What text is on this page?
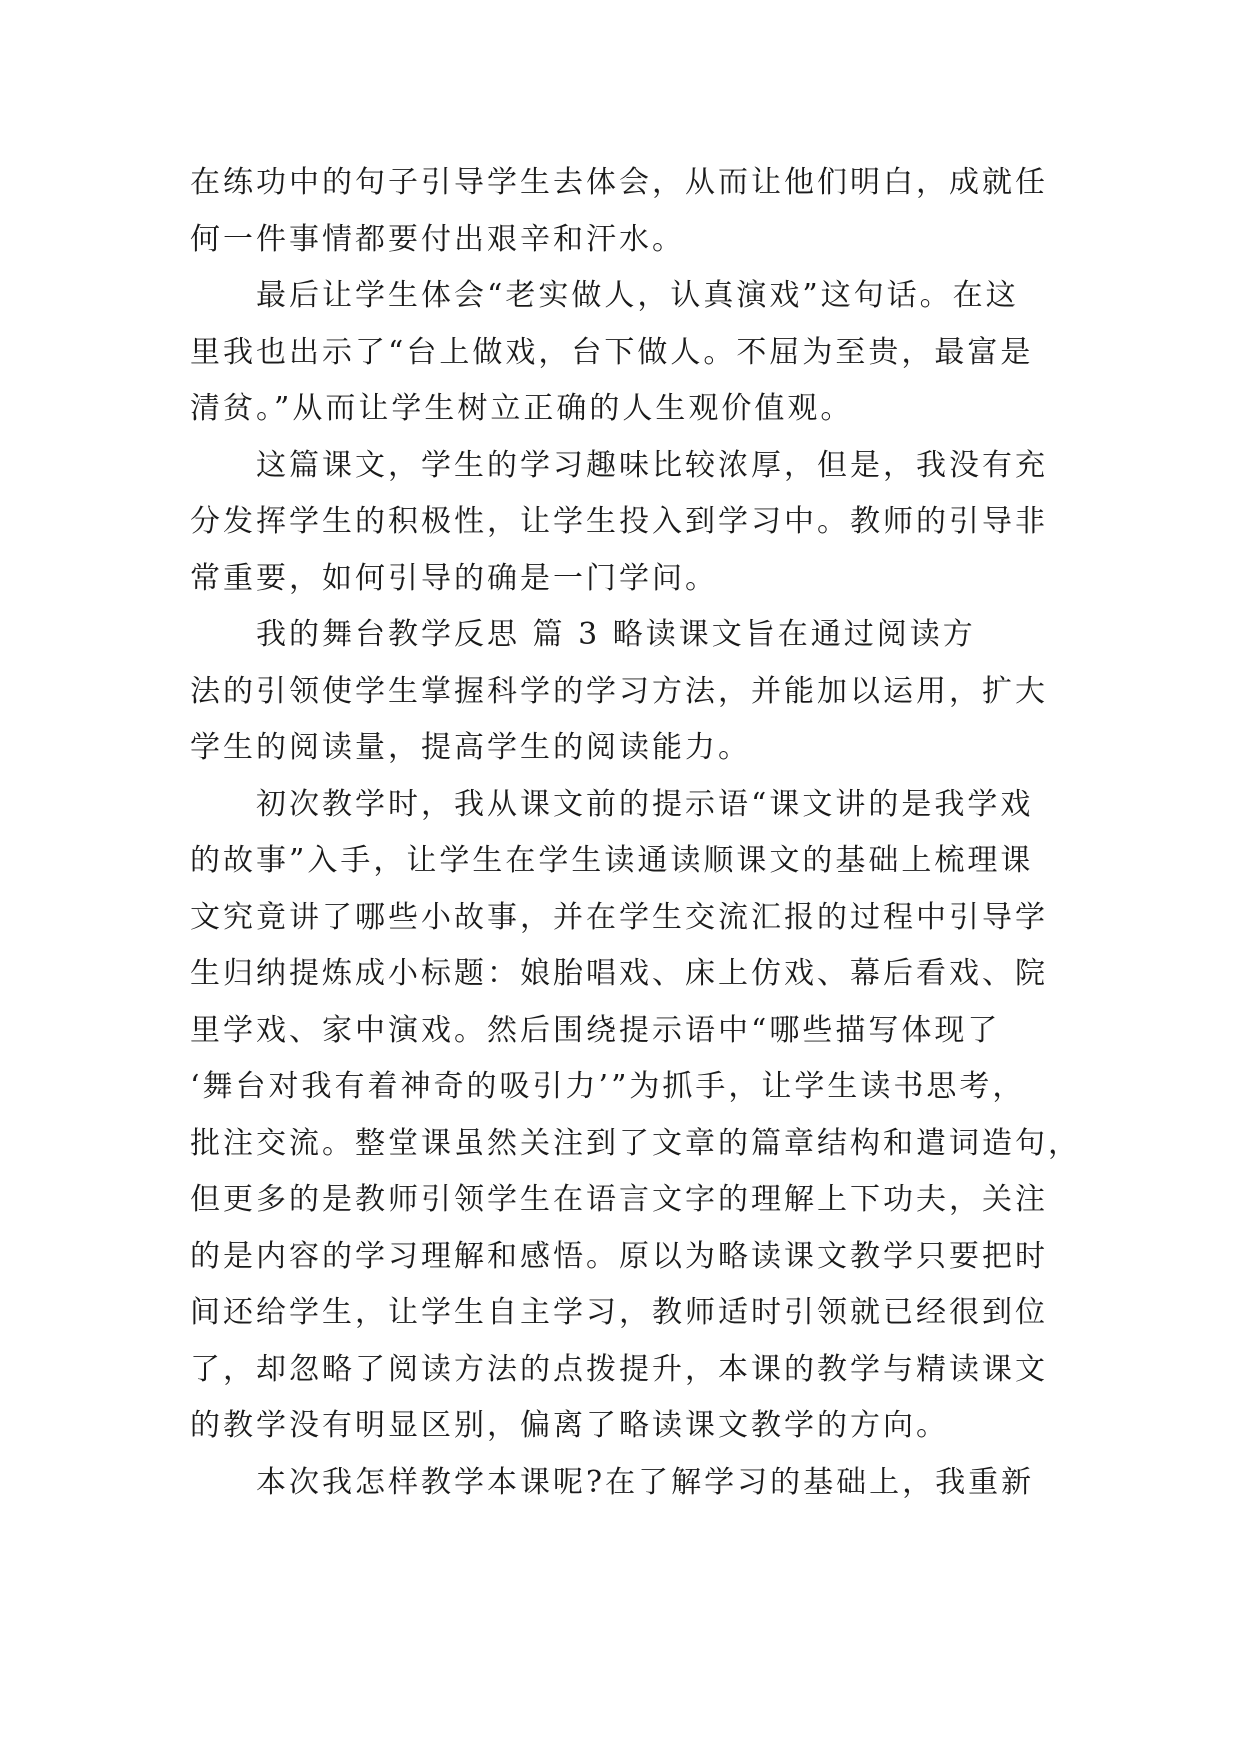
在练功中的句子引导学生去体会，从而让他们明白，成就任
何一件事情都要付出艰辛和汗水。
最后让学生体会“老实做人，认真演戏”这句话。在这
里我也出示了“台上做戏，台下做人。不屈为至贵，最富是
清贫。”从而让学生树立正确的人生观价值观。
这篇课文，学生的学习趣味比较浓厚，但是，我没有充
分发挥学生的积极性，让学生投入到学习中。教师的引导非
常重要，如何引导的确是一门学问。
我的舞台教学反思 篇 3 略读课文旨在通过阅读方
法的引领使学生掌握科学的学习方法，并能加以运用，扩大
学生的阅读量，提高学生的阅读能力。
初次教学时，我从课文前的提示语“课文讲的是我学戏
的故事”入手，让学生在学生读通读顺课文的基础上梳理课
文究竟讲了哪些小故事，并在学生交流汇报的过程中引导学
生归纳提炼成小标题：娘胎唱戏、床上仿戏、幕后看戏、院
里学戏、家中演戏。然后围绕提示语中“哪些描写体现了
‘舞台对我有着神奇的吸引力’”为抓手，让学生读书思考，
批注交流。整堂课虽然关注到了文章的篇章结构和遣词造句，
但更多的是教师引领学生在语言文字的理解上下功夫，关注
的是内容的学习理解和感悟。原以为略读课文教学只要把时
间还给学生，让学生自主学习，教师适时引领就已经很到位
了，却忽略了阅读方法的点拨提升，本课的教学与精读课文
的教学没有明显区别，偏离了略读课文教学的方向。
本次我怎样教学本课呢?在了解学习的基础上，我重新
